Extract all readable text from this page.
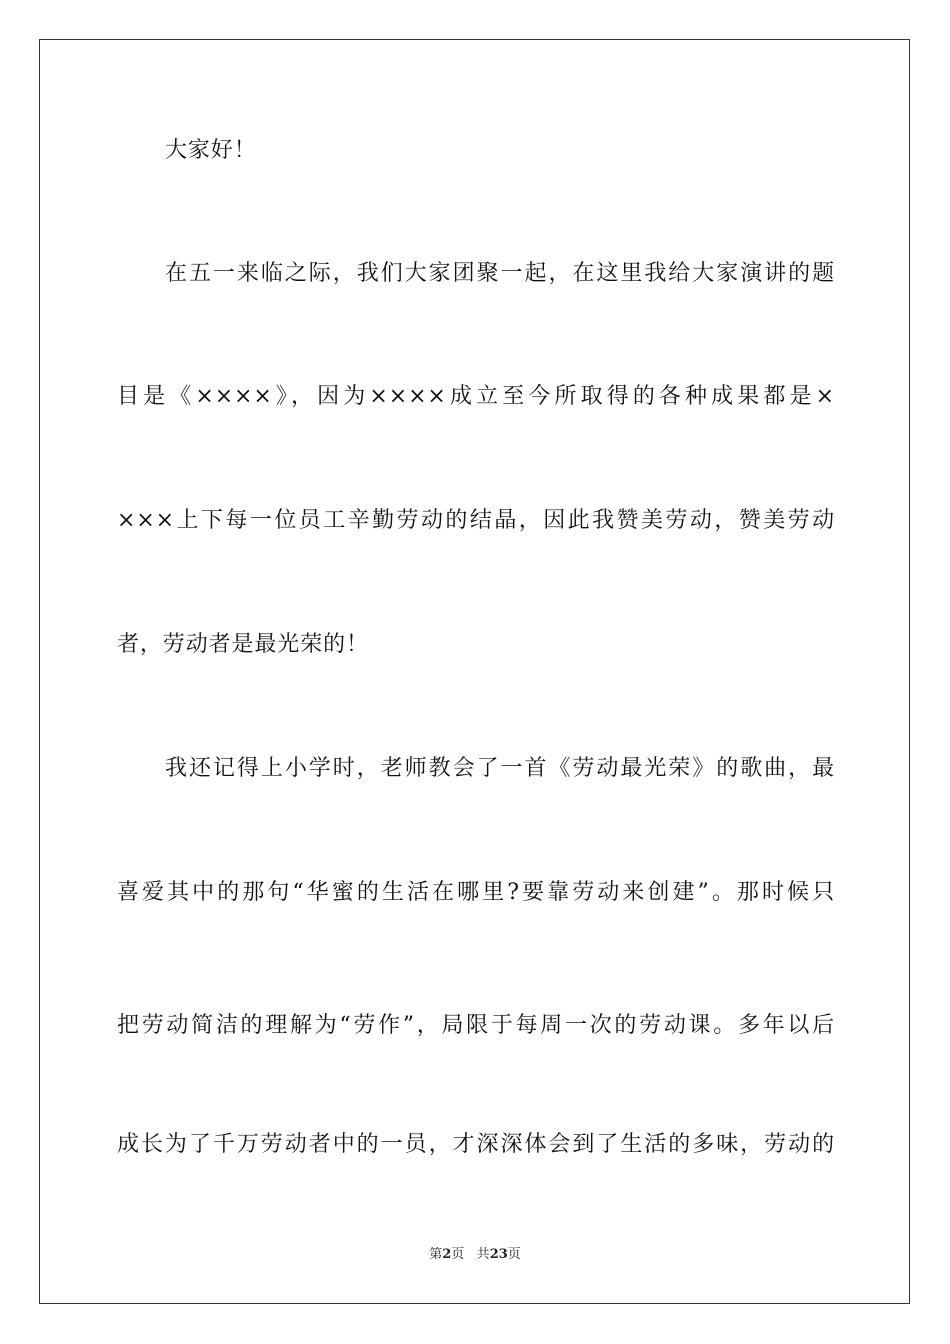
大家好！
在五一来临之际，我们大家团聚一起，在这里我给大家演讲的题
目是《××××》，因为××××成立至今所取得的各种成果都是×
×××上下每一位员工辛勤劳动的结晶，因此我赞美劳动，赞美劳动
者，劳动者是最光荣的！
我还记得上小学时，老师教会了一首《劳动最光荣》的歌曲，最
喜爱其中的那句“华蜜的生活在哪里?要靠劳动来创建”。那时候只
把劳动简洁的理解为“劳作”，局限于每周一次的劳动课。多年以后
成长为了千万劳动者中的一员，才深深体会到了生活的多味，劳动的
第2页 共23页
